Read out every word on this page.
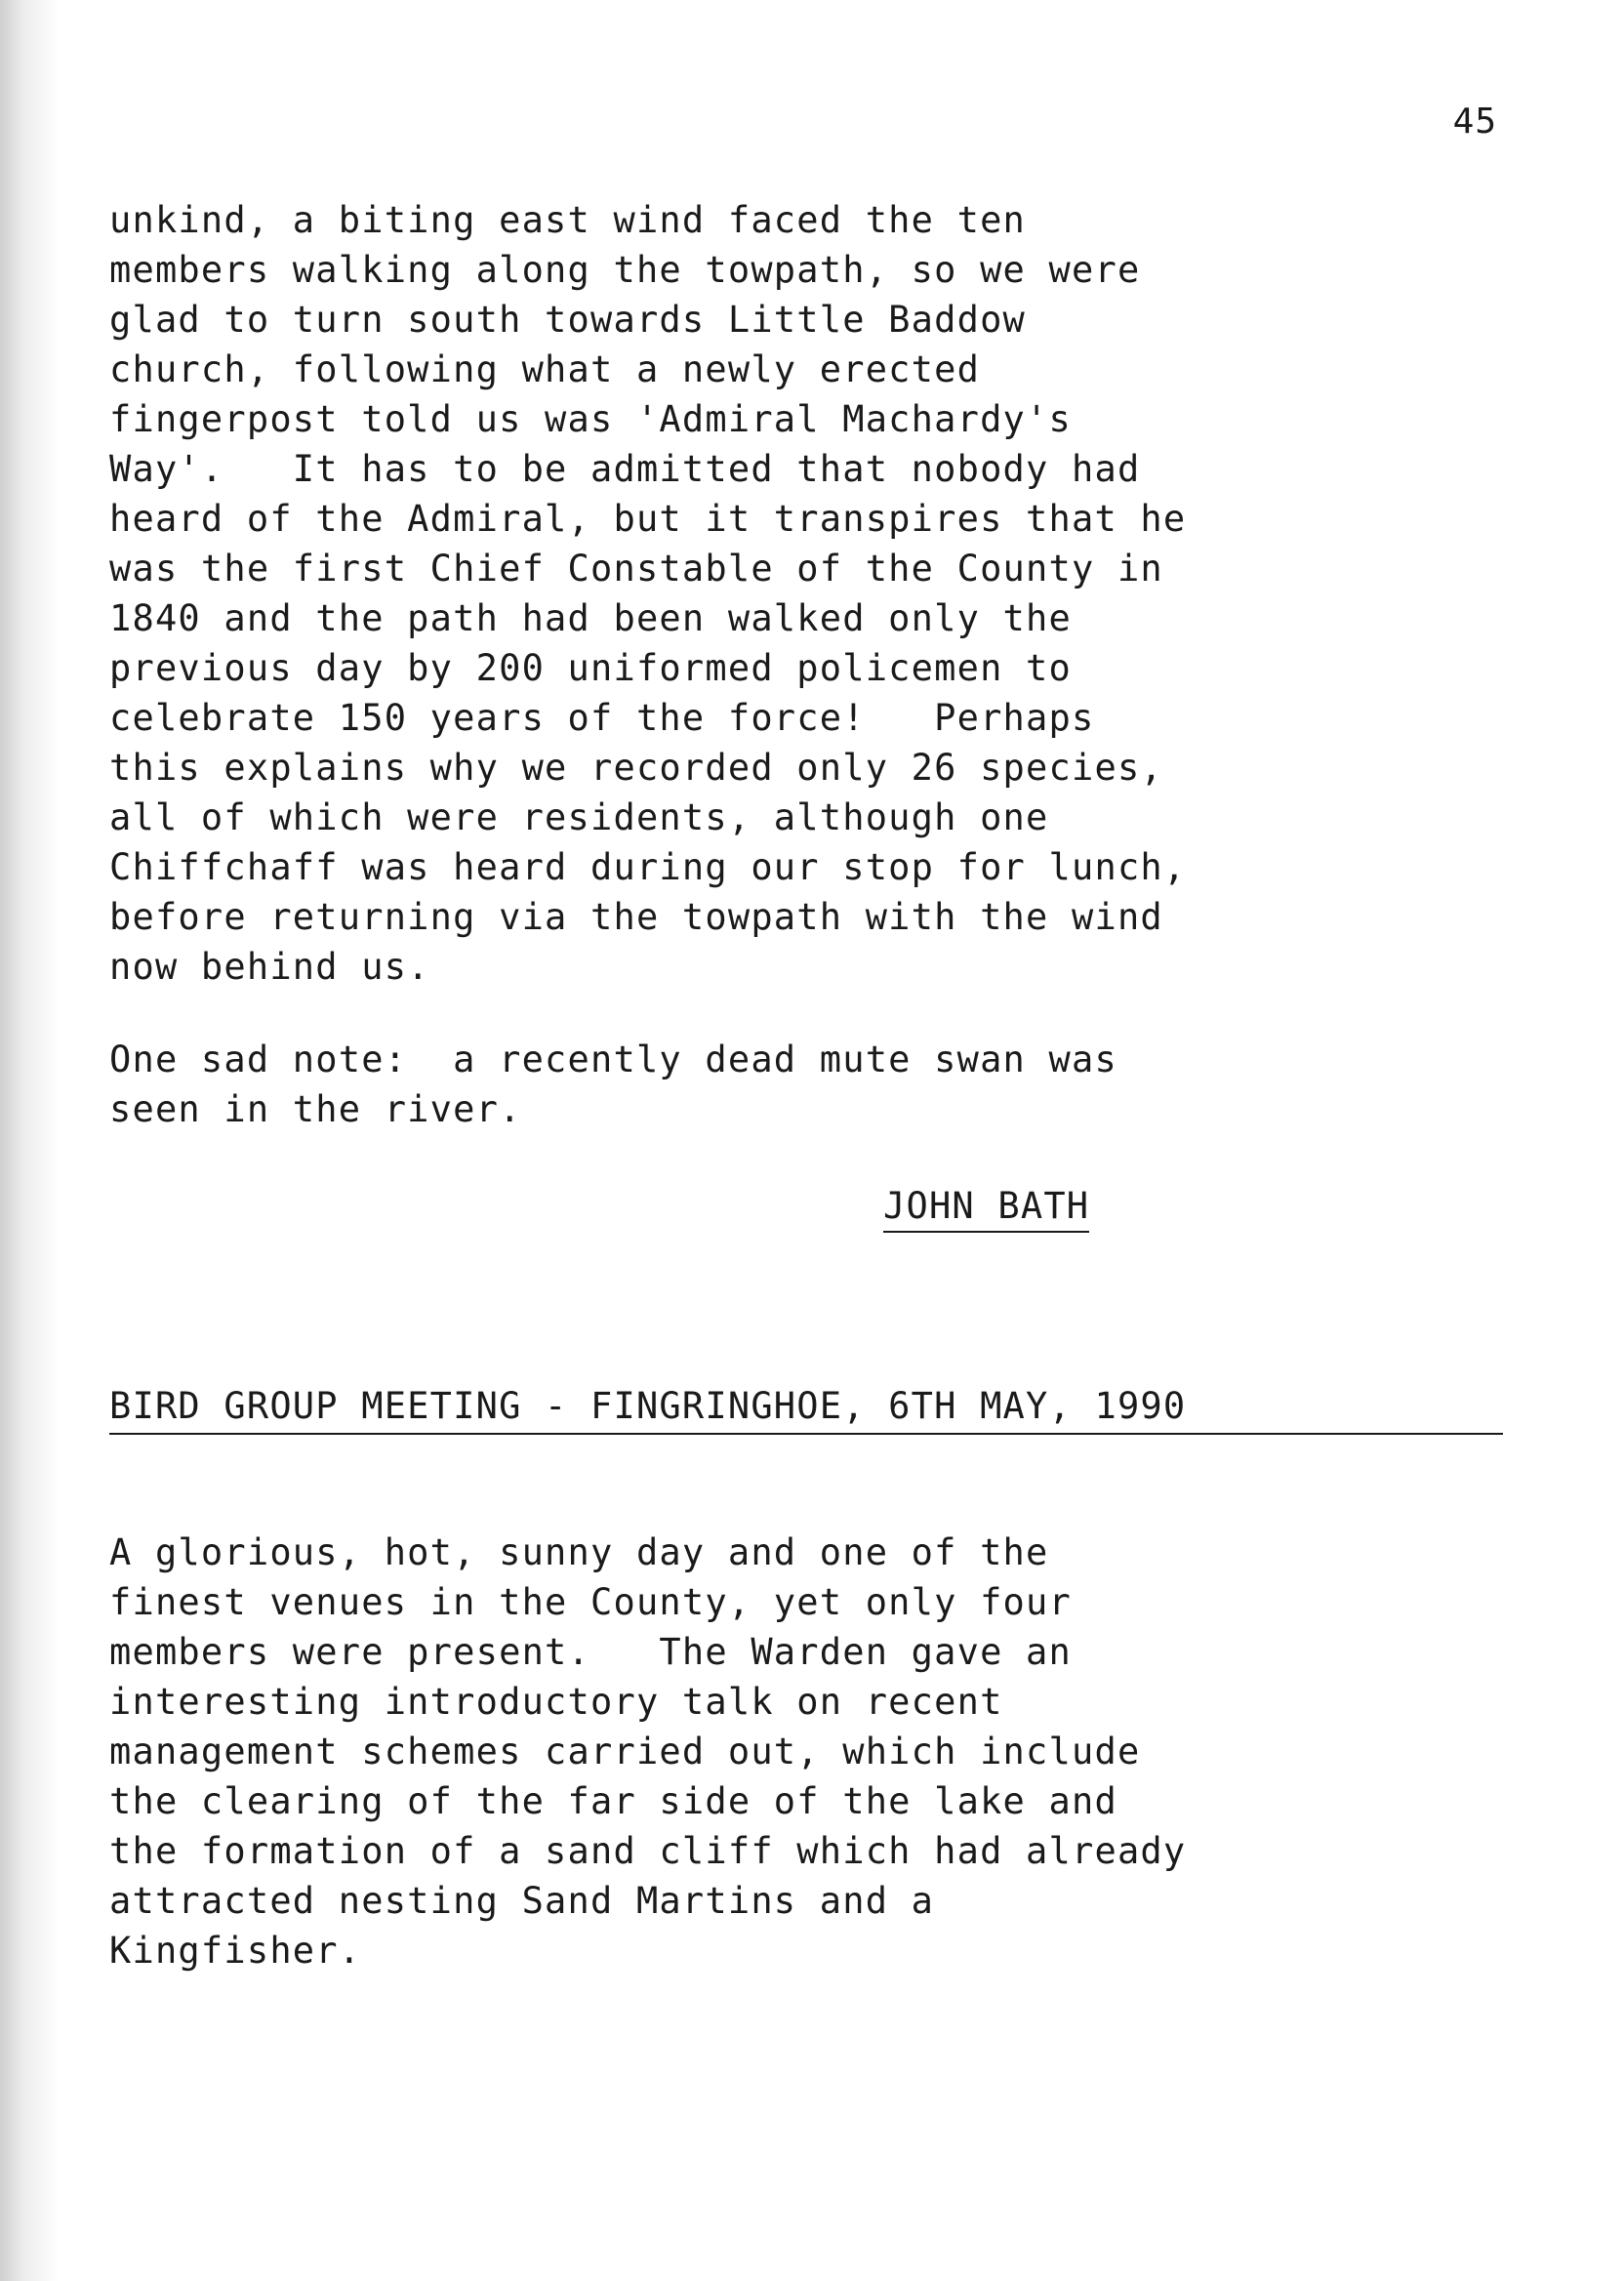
45
unkind, a biting east wind faced the ten
members walking along the towpath, so we were
glad to turn south towards Little Baddow
church, following what a newly erected
fingerpost told us was 'Admiral Machardy's
Way'.   It has to be admitted that nobody had
heard of the Admiral, but it transpires that he
was the first Chief Constable of the County in
1840 and the path had been walked only the
previous day by 200 uniformed policemen to
celebrate 150 years of the force!   Perhaps
this explains why we recorded only 26 species,
all of which were residents, although one
Chiffchaff was heard during our stop for lunch,
before returning via the towpath with the wind
now behind us.
One sad note:  a recently dead mute swan was
seen in the river.
JOHN BATH
BIRD GROUP MEETING - FINGRINGHOE, 6TH MAY, 1990
A glorious, hot, sunny day and one of the
finest venues in the County, yet only four
members were present.   The Warden gave an
interesting introductory talk on recent
management schemes carried out, which include
the clearing of the far side of the lake and
the formation of a sand cliff which had already
attracted nesting Sand Martins and a
Kingfisher.
